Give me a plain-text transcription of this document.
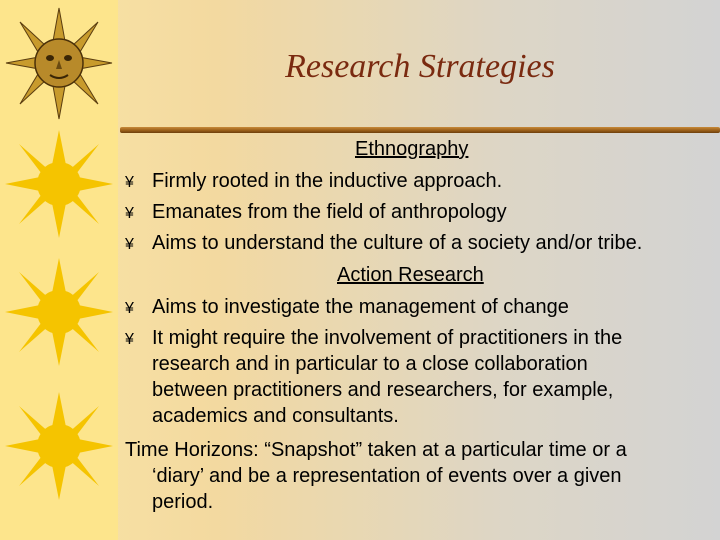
Research Strategies
Ethnography
¥ Firmly rooted in the inductive approach.
¥ Emanates from the field of anthropology
¥ Aims to understand the culture of a society and/or tribe.
Action Research
¥ Aims to investigate the management of change
¥ It might require the involvement of practitioners in the
research and in particular to a close collaboration
between practitioners and researchers, for example,
academics and consultants.
Time Horizons: “Snapshot” taken at a particular time or a
‘diary’ and be a representation of events over a given
period.
